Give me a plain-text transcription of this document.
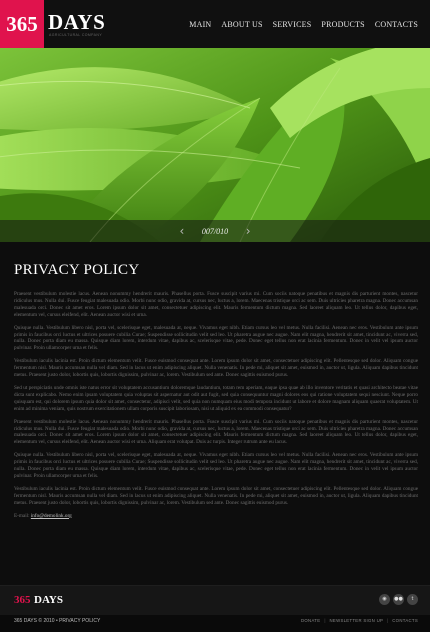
365 DAYS
AGRICULTURAL COMPANY
MAIN ABOUT US SERVICES PRODUCTS CONTACTS
‹	007/010	›
PRIVACY POLICY

Praesent vestibulum molestie lacus. Aenean nonummy hendrerit mauris. Phasellus porta. Fusce suscipit varius mi. Cum sociis natoque penatibus et magnis dis parturient montes, nascetur ridiculus mus. Nulla dui. Fusce feugiat malesuada odio. Morbi nunc odio, gravida at, cursus nec, luctus a, lorem. Maecenas tristique orci ac sem. Duis ultricies pharetra magna. Donec accumsan malesuada orci. Donec sit amet eros. Lorem ipsum dolor sit amet, consectetuer adipiscing elit. Mauris fermentum dictum magna. Sed laoreet aliquam leo. Ut tellus dolor, dapibus eget, elementum vel, cursus eleifend, elit. Aenean auctor wisi et urna.

Quisque nulla. Vestibulum libero nisl, porta vel, scelerisque eget, malesuada at, neque. Vivamus eget nibh. Etiam cursus leo vel metus. Nulla facilisi. Aenean nec eros. Vestibulum ante ipsum primis in faucibus orci luctus et ultrices posuere cubilia Curae; Suspendisse sollicitudin velit sed leo. Ut pharetra augue nec augue. Nam elit magna, hendrerit sit amet, tincidunt ac, viverra sed, nulla. Donec porta diam eu massa. Quisque diam lorem, interdum vitae, dapibus ac, scelerisque vitae, pede. Donec eget tellus non erat lacinia fermentum. Donec in velit vel ipsum auctor pulvinar. Proin ullamcorper urna et felis.

Vestibulum iaculis lacinia est. Proin dictum elementum velit. Fusce euismod consequat ante. Lorem ipsum dolor sit amet, consectetuer adipiscing elit. Pellentesque sed dolor. Aliquam congue fermentum nisl. Mauris accumsan nulla vel diam. Sed in lacus ut enim adipiscing aliquet. Nulla venenatis. In pede mi, aliquet sit amet, euismod in, auctor ut, ligula. Aliquam dapibus tincidunt metus. Praesent justo dolor, lobortis quis, lobortis dignissim, pulvinar ac, lorem. Vestibulum sed ante. Donec sagittis euismod purus.

Sed ut perspiciatis unde omnis iste natus error sit voluptatem accusantium doloremque laudantium, totam rem aperiam, eaque ipsa quae ab illo inventore veritatis et quasi architecto beatae vitae dicta sunt explicabo. Nemo enim ipsam voluptatem quia voluptas sit aspernatur aut odit aut fugit, sed quia consequuntur magni dolores eos qui ratione voluptatem sequi nesciunt. Neque porro quisquam est, qui dolorem ipsum quia dolor sit amet, consectetur, adipisci velit, sed quia non numquam eius modi tempora incidunt ut labore et dolore magnam aliquam quaerat voluptatem. Ut enim ad minima veniam, quis nostrum exercitationem ullam corporis suscipit laboriosam, nisi ut aliquid ex ea commodi consequatur?

Praesent vestibulum molestie lacus. Aenean nonummy hendrerit mauris. Phasellus porta. Fusce suscipit varius mi. Cum sociis natoque penatibus et magnis dis parturient montes, nascetur ridiculus mus. Nulla dui. Fusce feugiat malesuada odio. Morbi nunc odio, gravida at, cursus nec, luctus a, lorem. Maecenas tristique orci ac sem. Duis ultricies pharetra magna. Donec accumsan malesuada orci. Donec sit amet eros. Lorem ipsum dolor sit amet, consectetuer adipiscing elit. Mauris fermentum dictum magna. Sed laoreet aliquam leo. Ut tellus dolor, dapibus eget, elementum vel, cursus eleifend, elit. Aenean auctor wisi et urna. Aliquam erat volutpat. Duis ac turpis. Integer rutrum ante eu lacus.

Quisque nulla. Vestibulum libero nisl, porta vel, scelerisque eget, malesuada at, neque. Vivamus eget nibh. Etiam cursus leo vel metus. Nulla facilisi. Aenean nec eros. Vestibulum ante ipsum primis in faucibus orci luctus et ultrices posuere cubilia Curae; Suspendisse sollicitudin velit sed leo. Ut pharetra augue nec augue. Nam elit magna, hendrerit sit amet, tincidunt ac, viverra sed, nulla. Donec porta diam eu massa. Quisque diam lorem, interdum vitae, dapibus ac, scelerisque vitae, pede. Donec eget tellus non erat lacinia fermentum. Donec in velit vel ipsum auctor pulvinar. Proin ullamcorper urna et felis.

Vestibulum iaculis lacinia est. Proin dictum elementum velit. Fusce euismod consequat ante. Lorem ipsum dolor sit amet, consectetuer adipiscing elit. Pellentesque sed dolor. Aliquam congue fermentum nisl. Mauris accumsan nulla vel diam. Sed in lacus ut enim adipiscing aliquet. Nulla venenatis. In pede mi, aliquet sit amet, euismod in, auctor ut, ligula. Aliquam dapibus tincidunt metus. Praesent justo dolor, lobortis quis, lobortis dignissim, pulvinar ac, lorem. Vestibulum sed ante. Donec sagittis euismod purus.

E-mail: info@demolink.org
365 DAYS	◉	●●	t
365 DAYS © 2010 • PRIVACY POLICY	DONATE | NEWSLETTER SIGN UP | CONTACTS
